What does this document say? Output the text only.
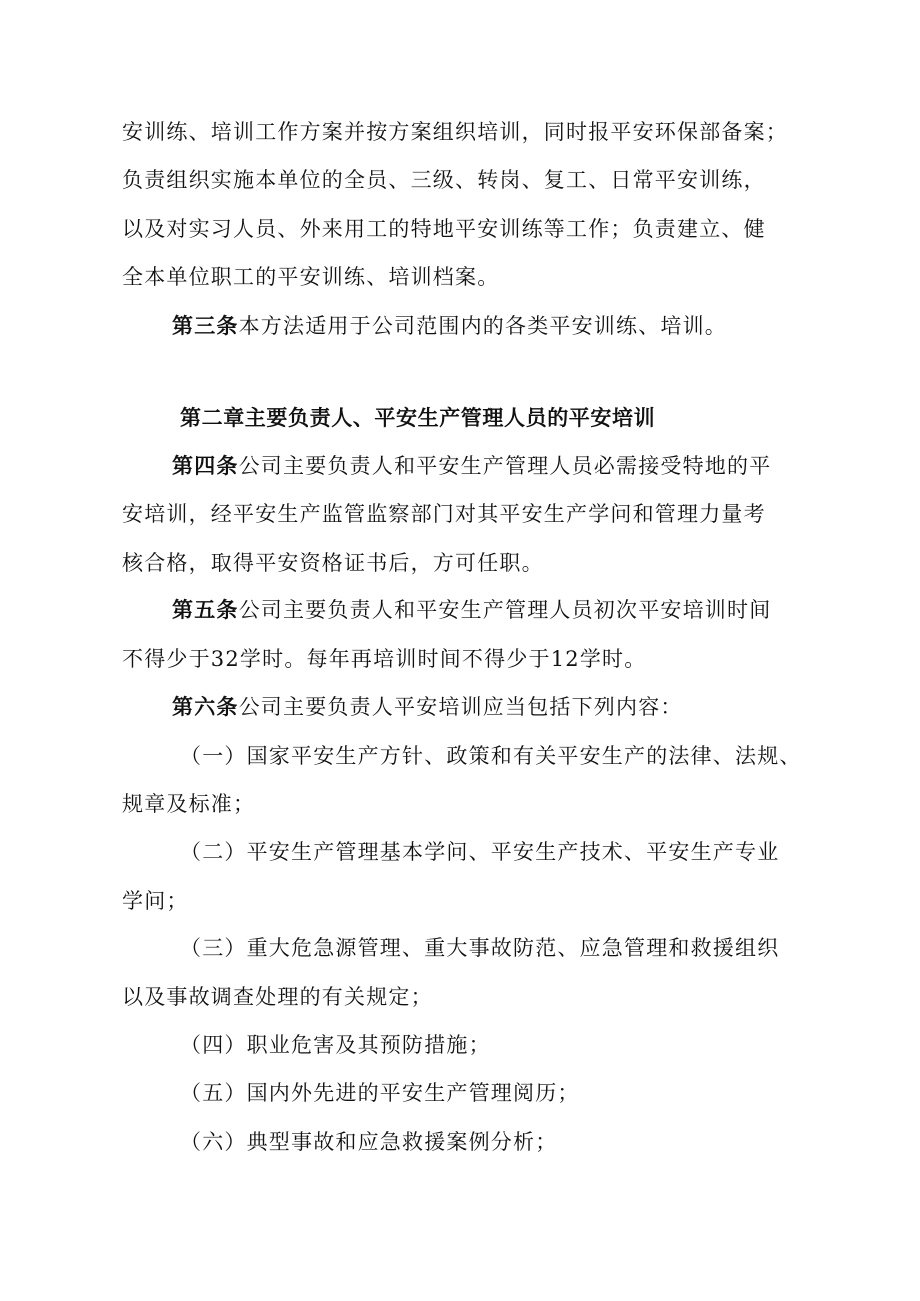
安训练、培训工作方案并按方案组织培训，同时报平安环保部备案；
负责组织实施本单位的全员、三级、转岗、复工、日常平安训练，
以及对实习人员、外来用工的特地平安训练等工作；负责建立、健
全本单位职工的平安训练、培训档案。
第三条本方法适用于公司范围内的各类平安训练、培训。
第二章主要负责人、平安生产管理人员的平安培训
第四条公司主要负责人和平安生产管理人员必需接受特地的平
安培训，经平安生产监管监察部门对其平安生产学问和管理力量考
核合格，取得平安资格证书后，方可任职。
第五条公司主要负责人和平安生产管理人员初次平安培训时间
不得少于32学时。每年再培训时间不得少于12学时。
第六条公司主要负责人平安培训应当包括下列内容：
（一）国家平安生产方针、政策和有关平安生产的法律、法规、
规章及标准；
（二）平安生产管理基本学问、平安生产技术、平安生产专业
学问；
（三）重大危急源管理、重大事故防范、应急管理和救援组织
以及事故调查处理的有关规定；
（四）职业危害及其预防措施；
（五）国内外先进的平安生产管理阅历；
（六）典型事故和应急救援案例分析；
